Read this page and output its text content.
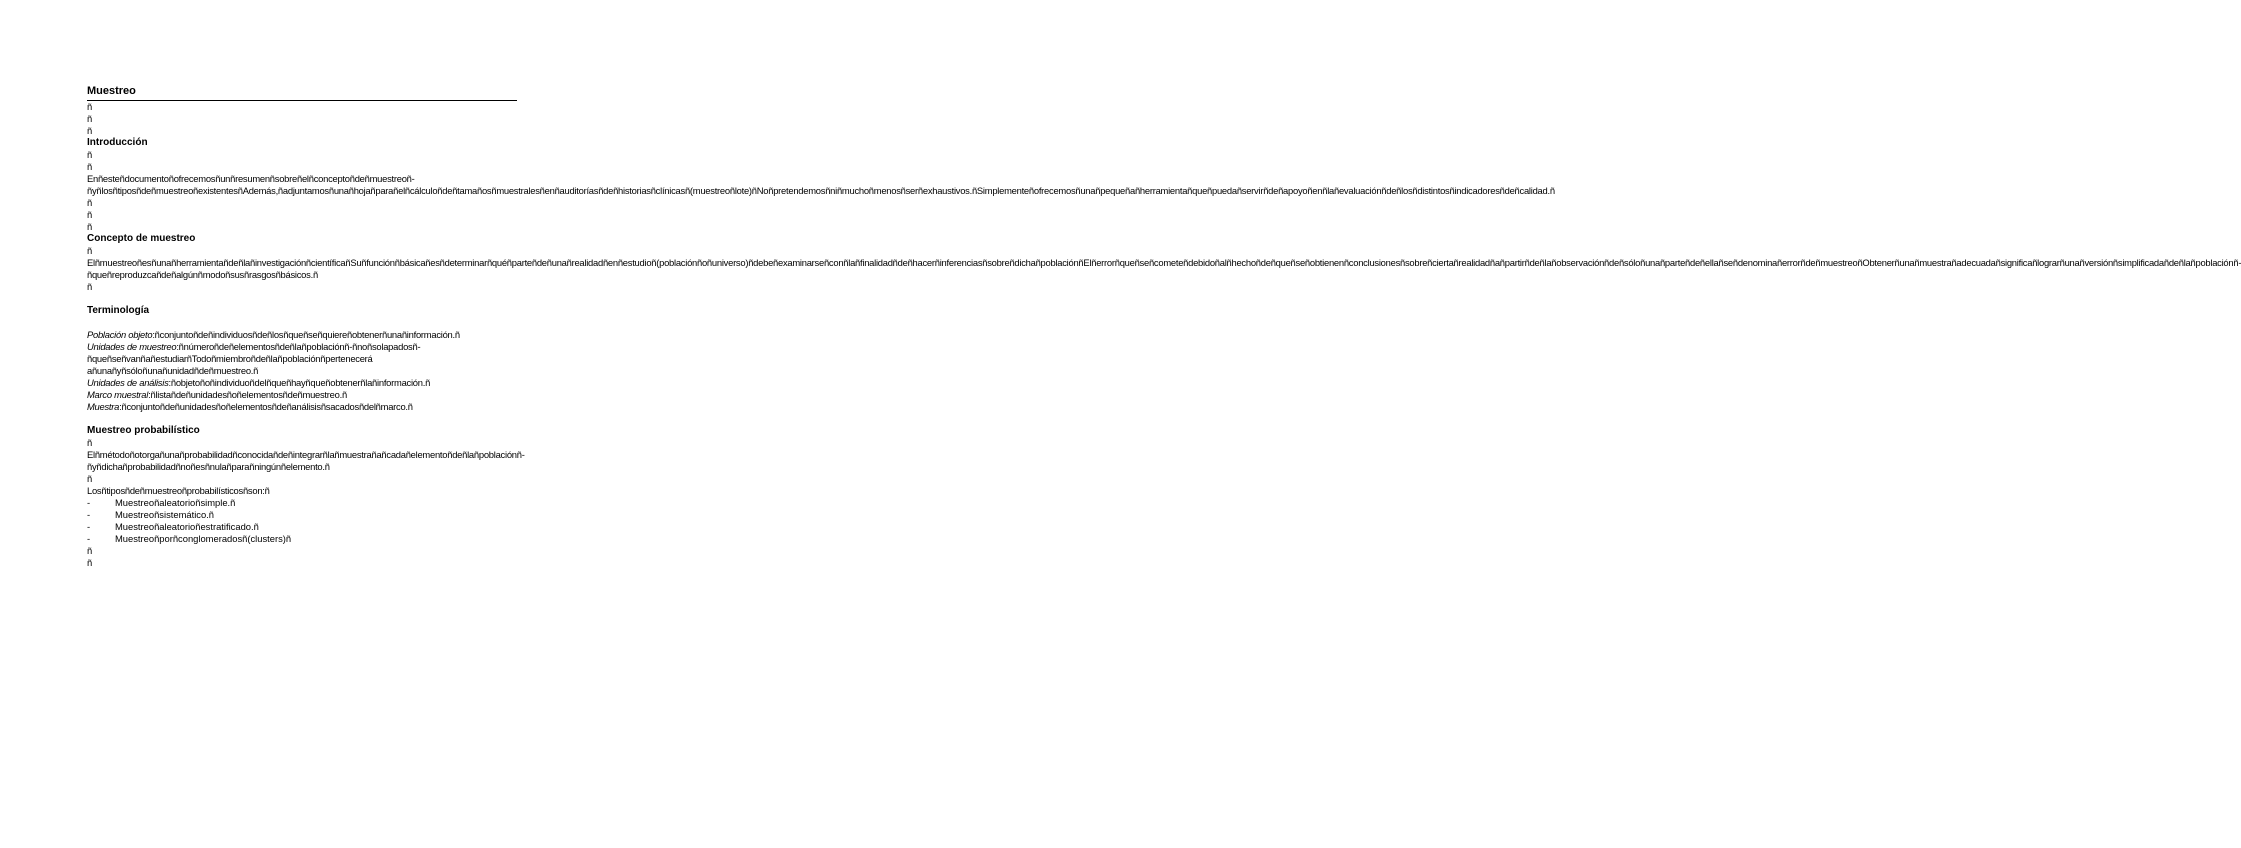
Muestreo

ñ

ñ

ñ

Introducción

ñ

ñ

Enñesteñdocumentoñofrecemosñunñresumenñsobreñelñconceptoñdeñmuestreoñ-ñyñlosñtiposñdeñmuestreoñexistentesñAdemás,ñadjuntamosñunañhojañparañelñcálculoñdeñtamañosñmuestralesñenñauditoríasñdeñhistoriasñclínicasñ(muestreoñlote)ñNoñpretendemosñniñmuchoñmenosñserñexhaustivos.ñSimplementeñofrecemosñunañpequeñañherramientañqueñpuedañservirñdeñapoyoñenñlañevaluaciónñdeñlosñdistintosñindicadoresñdeñcalidad.ñ

ñ

ñ

ñ

Concepto de muestreo

ñ

ElñmuestreoñesñunañherramientañdeñlañinvestigaciónñcientíficañSuñfunciónñbásicañesñdeterminarñquéñparteñdeñunañrealidadñenñestudioñ(poblaciónñoñuniverso)ñdebeñexaminarseñconñlañfinalidadñdeñhacerñinferenciasñsobreñdichañpoblaciónñElñerrorñqueñseñcometeñdebidoñalñhechoñdeñqueñseñobtienenñconclusionesñsobreñciertañrealidadñañpartirñdeñlañobservaciónñdeñsóloñunañparteñdeñellañseñdenominañerrorñdeñmuestreoñObtenerñunañmuestrañadecuadañsignificañlograrñunañversiónñsimplificadañdeñlañpoblaciónñ-ñqueñreproduzcañdeñalgúnñmodoñsusñrasgosñbásicos.ñ

ñ

Terminología

Población objeto:ñconjuntoñdeñindividuosñdeñlosñqueñseñquiereñobtenerñunañinformación.ñ

Unidades de muestreo:ñnúmeroñdeñelementosñdeñlañpoblaciónñ-ñnoñsolapadosñ-ñqueñseñvanñañestudiarñTodoñmiembroñdeñlañpoblaciónñpertenecerá añunañyñsóloñunañunidadñdeñmuestreo.ñ

Unidades de análisis:ñobjetoñoñindividuoñdelñqueñhayñqueñobtenerñlañinformación.ñ

Marco muestral:ñlistañdeñunidadesñoñelementosñdeñmuestreo.ñ

Muestra:ñconjuntoñdeñunidadesñoñelementosñdeñanálisisñsacadosñdelñmarco.ñ

Muestreo probabilístico

ñ

Elñmétodoñotorgañunañprobabilidadñconocidañdeñintegrarñlañmuestrañañcadañelementoñdeñlañpoblaciónñ-ñyñdichañprobabilidadñnoñesñnulañparañningúnñelemento.ñ

ñ

Losñtiposñdeñmuestreoñprobabilísticosñson:ñ

-	Muestreoñaleatorioñsimple.ñ
-	Muestreoñsistemático.ñ
-	Muestreoñaleatorioñestratificado.ñ
-	Muestreoñporñconglomeradosñ(clusters)ñ

ñ

ñ
